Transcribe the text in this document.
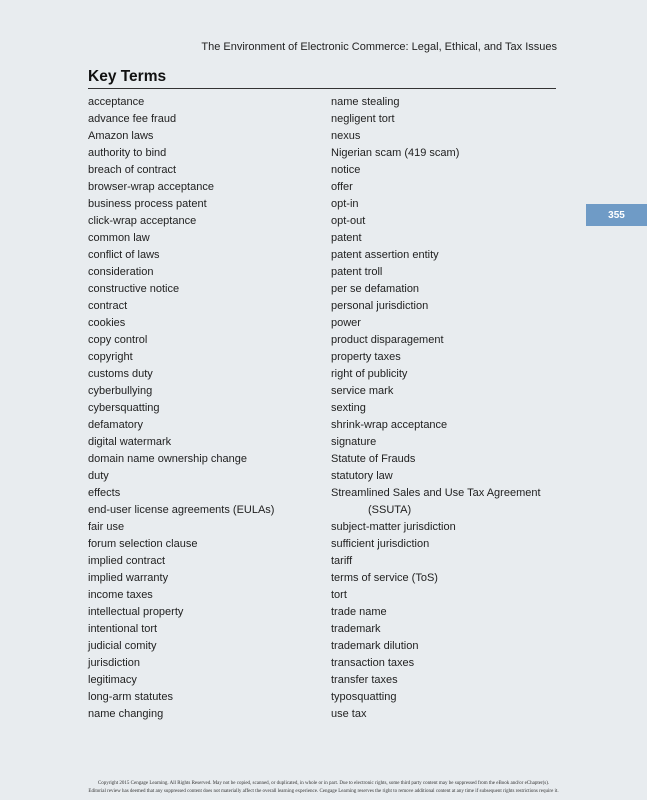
The Environment of Electronic Commerce: Legal, Ethical, and Tax Issues
Key Terms
acceptance
advance fee fraud
Amazon laws
authority to bind
breach of contract
browser-wrap acceptance
business process patent
click-wrap acceptance
common law
conflict of laws
consideration
constructive notice
contract
cookies
copy control
copyright
customs duty
cyberbullying
cybersquatting
defamatory
digital watermark
domain name ownership change
duty
effects
end-user license agreements (EULAs)
fair use
forum selection clause
implied contract
implied warranty
income taxes
intellectual property
intentional tort
judicial comity
jurisdiction
legitimacy
long-arm statutes
name changing
name stealing
negligent tort
nexus
Nigerian scam (419 scam)
notice
offer
opt-in
opt-out
patent
patent assertion entity
patent troll
per se defamation
personal jurisdiction
power
product disparagement
property taxes
right of publicity
service mark
sexting
shrink-wrap acceptance
signature
Statute of Frauds
statutory law
Streamlined Sales and Use Tax Agreement
(SSUTA)
subject-matter jurisdiction
sufficient jurisdiction
tariff
terms of service (ToS)
tort
trade name
trademark
trademark dilution
transaction taxes
transfer taxes
typosquatting
use tax
355
Copyright 2015 Cengage Learning. All Rights Reserved. May not be copied, scanned, or duplicated, in whole or in part. Due to electronic rights, some third party content may be suppressed from the eBook and/or eChapter(s).
Editorial review has deemed that any suppressed content does not materially affect the overall learning experience. Cengage Learning reserves the right to remove additional content at any time if subsequent rights restrictions require it.
